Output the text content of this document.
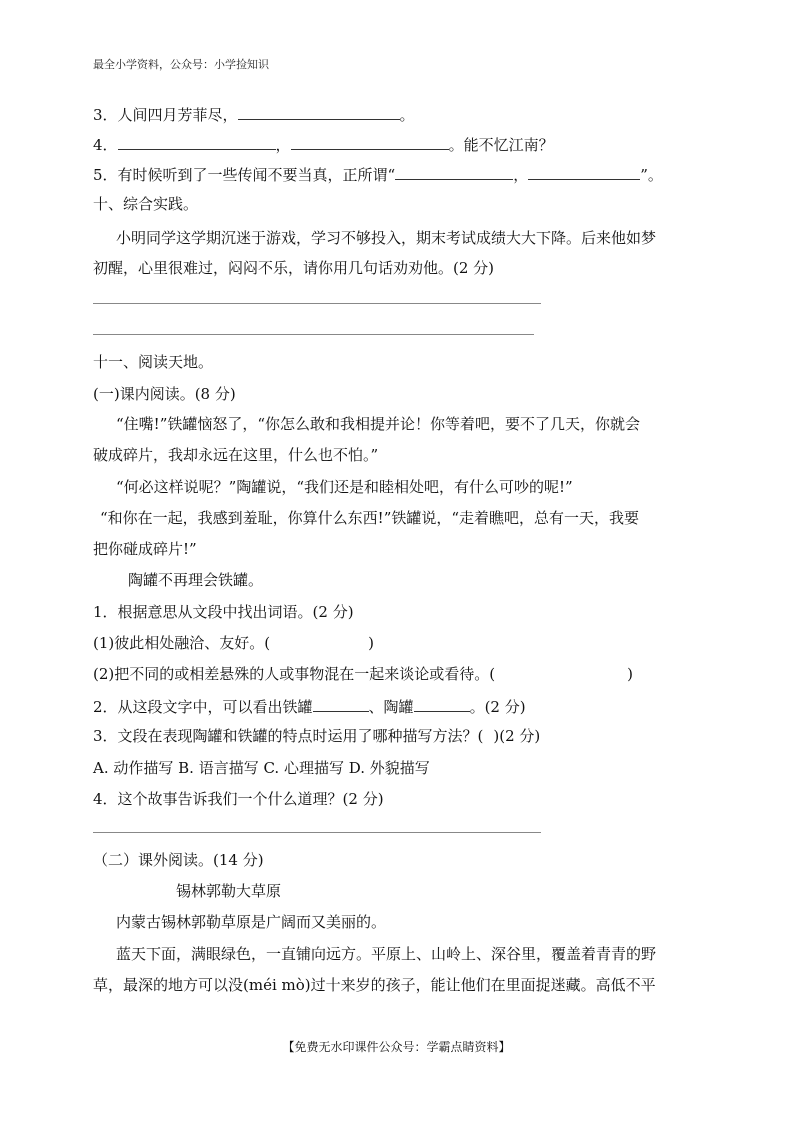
最全小学资料，公众号：小学捡知识
3．人间四月芳菲尽，	。
4．	，	。能不忆江南？
5．有时候听到了一些传闻不要当真，正所谓“	，	”。
十、综合实践。
小明同学这学期沉迷于游戏，学习不够投入，期末考试成绩大大下降。后来他如梦
初醒，心里很难过，闷闷不乐，请你用几句话劝劝他。(2 分)
十一、阅读天地。
(一)课内阅读。(8 分)
“住嘴!”铁罐恼怒了，“你怎么敢和我相提并论！你等着吧，要不了几天，你就会
破成碎片，我却永远在这里，什么也不怕。”
“何必这样说呢？”陶罐说，“我们还是和睦相处吧，有什么可吵的呢!”
“和你在一起，我感到羞耻，你算什么东西!”铁罐说，“走着瞧吧，总有一天，我要
把你碰成碎片!”
陶罐不再理会铁罐。
1．根据意思从文段中找出词语。(2 分)
(1)彼此相处融洽、友好。(	)
(2)把不同的或相差悬殊的人或事物混在一起来谈论或看待。(	)
2．从这段文字中，可以看出铁罐	、陶罐	。(2 分)
3．文段在表现陶罐和铁罐的特点时运用了哪种描写方法？( )(2 分)
A. 动作描写 B. 语言描写 C. 心理描写 D. 外貌描写
4．这个故事告诉我们一个什么道理？(2 分)
（二）课外阅读。(14 分)
锡林郭勒大草原
内蒙古锡林郭勒草原是广阔而又美丽的。
蓝天下面，满眼绿色，一直铺向远方。平原上、山岭上、深谷里，覆盖着青青的野
草，最深的地方可以没(méi mò)过十来岁的孩子，能让他们在里面捉迷藏。高低不平
【免费无水印课件公众号：学霸点睛资料】
